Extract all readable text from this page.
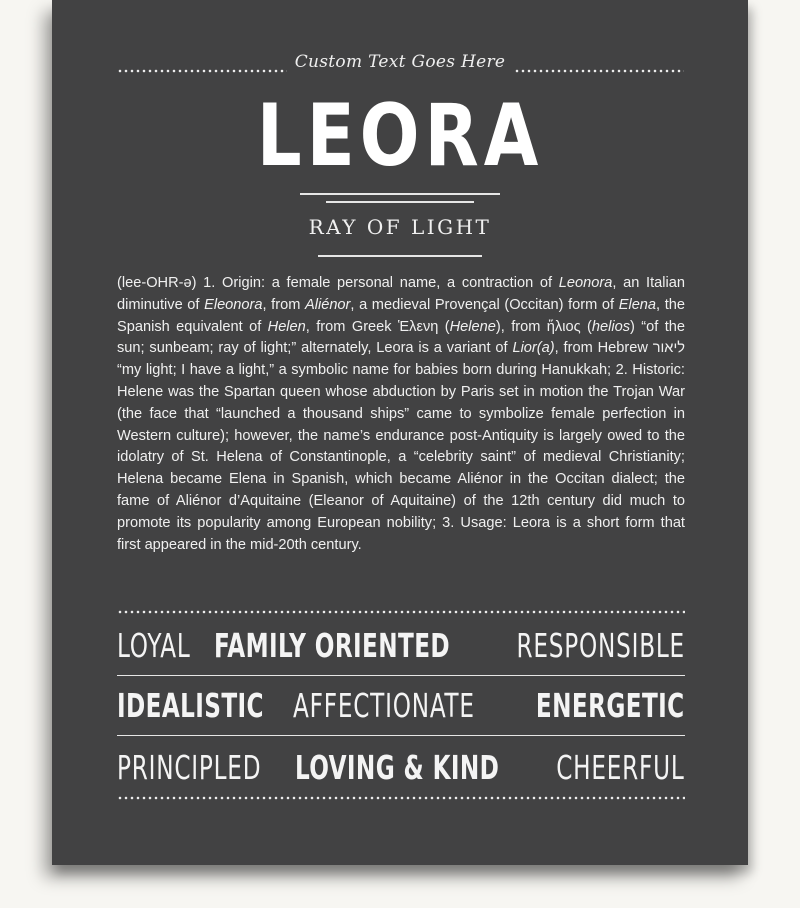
Custom Text Goes Here
LEORA
RAY OF LIGHT
(lee-OHR-ə) 1. Origin: a female personal name, a contraction of Leonora, an Italian diminutive of Eleonora, from Aliénor, a medieval Provençal (Occitan) form of Elena, the Spanish equivalent of Helen, from Greek Ἑλενη (Helene), from ἥλιος (helios) “of the sun; sunbeam; ray of light;” alternately, Leora is a variant of Lior(a), from Hebrew ליאור “my light; I have a light,” a symbolic name for babies born during Hanukkah; 2. Historic: Helene was the Spartan queen whose abduction by Paris set in motion the Trojan War (the face that “launched a thousand ships” came to symbolize female perfection in Western culture); however, the name’s endurance post-Antiquity is largely owed to the idolatry of St. Helena of Constantinople, a “celebrity saint” of medieval Christianity; Helena became Elena in Spanish, which became Aliénor in the Occitan dialect; the fame of Aliénor d’Aquitaine (Eleanor of Aquitaine) of the 12th century did much to promote its popularity among European nobility; 3. Usage: Leora is a short form that first appeared in the mid-20th century.
LOYAL FAMILY ORIENTED RESPONSIBLE
IDEALISTIC AFFECTIONATE ENERGETIC
PRINCIPLED LOVING & KIND CHEERFUL
